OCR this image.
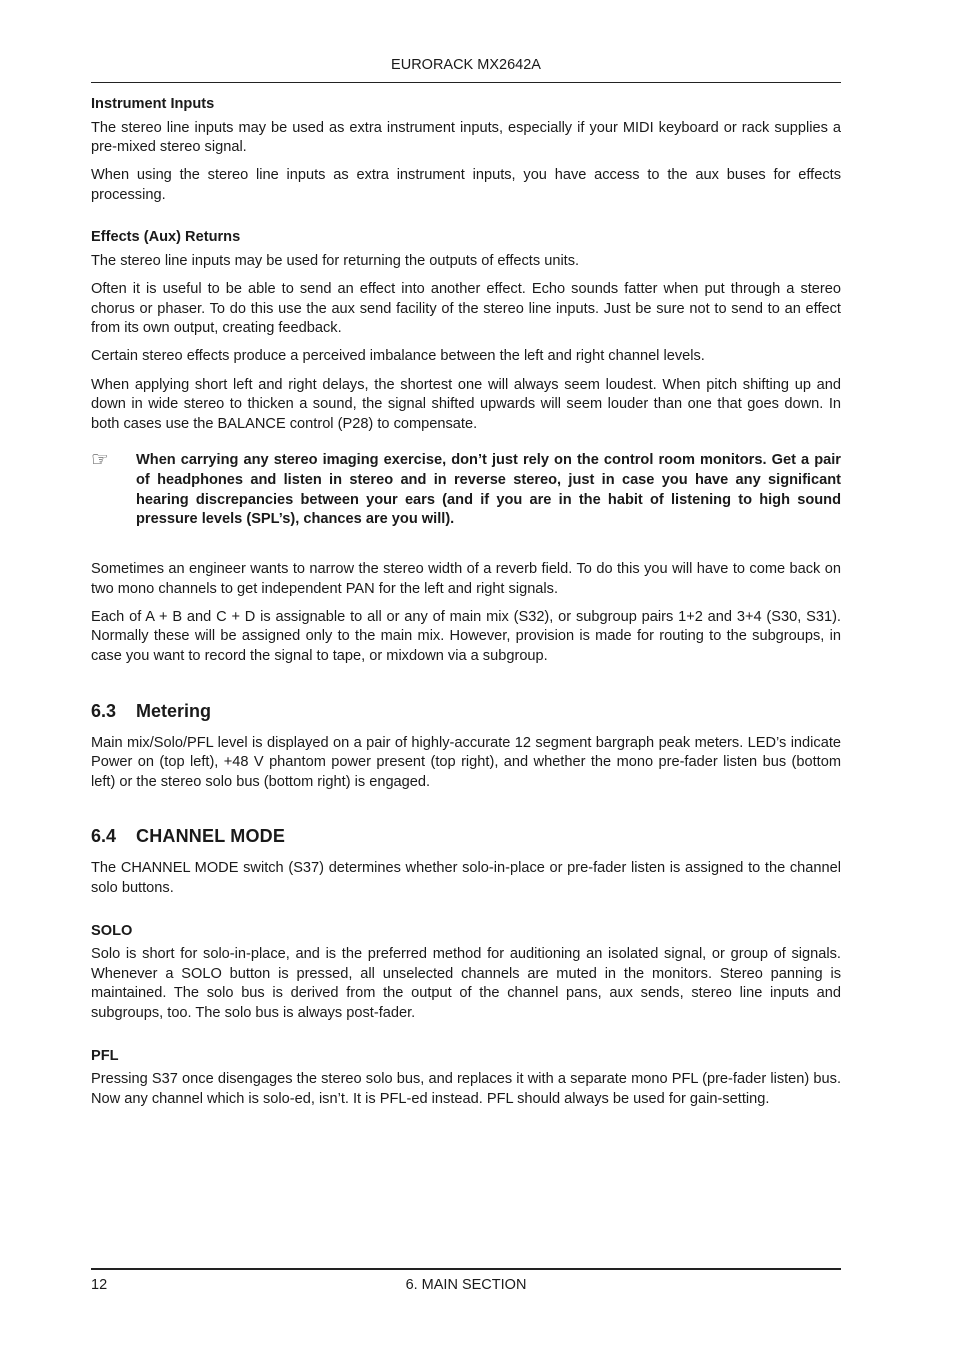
EURORACK MX2642A
Instrument Inputs

The stereo line inputs may be used as extra instrument inputs, especially if your MIDI keyboard or rack supplies a pre-mixed stereo signal.

When using the stereo line inputs as extra instrument inputs, you have access to the aux buses for effects processing.

Effects (Aux) Returns

The stereo line inputs may be used for returning the outputs of effects units.

Often it is useful to be able to send an effect into another effect. Echo sounds fatter when put through a stereo chorus or phaser. To do this use the aux send facility of the stereo line inputs. Just be sure not to send to an effect from its own output, creating feedback.

Certain stereo effects produce a perceived imbalance between the left and right channel levels.

When applying short left and right delays, the shortest one will always seem loudest. When pitch shifting up and down in wide stereo to thicken a sound, the signal shifted upwards will seem louder than one that goes down. In both cases use the BALANCE control (P28) to compensate.

☞	When carrying any stereo imaging exercise, don’t just rely on the control room monitors. Get a pair of headphones and listen in stereo and in reverse stereo, just in case you have any significant hearing discrepancies between your ears (and if you are in the habit of listening to high sound pressure levels (SPL’s), chances are you will).

Sometimes an engineer wants to narrow the stereo width of a reverb field. To do this you will have to come back on two mono channels to get independent PAN for the left and right signals.

Each of A + B and C + D is assignable to all or any of main mix (S32), or subgroup pairs 1+2 and 3+4 (S30, S31). Normally these will be assigned only to the main mix. However, provision is made for routing to the subgroups, in case you want to record the signal to tape, or mixdown via a subgroup.

6.3 Metering

Main mix/Solo/PFL level is displayed on a pair of highly-accurate 12 segment bargraph peak meters. LED’s indicate Power on (top left), +48 V phantom power present (top right), and whether the mono pre-fader listen bus (bottom left) or the stereo solo bus (bottom right) is engaged.

6.4 CHANNEL MODE

The CHANNEL MODE switch (S37) determines whether solo-in-place or pre-fader listen is assigned to the channel solo buttons.

SOLO

Solo is short for solo-in-place, and is the preferred method for auditioning an isolated signal, or group of signals. Whenever a SOLO button is pressed, all unselected channels are muted in the monitors. Stereo panning is maintained. The solo bus is derived from the output of the channel pans, aux sends, stereo line inputs and subgroups, too. The solo bus is always post-fader.

PFL

Pressing S37 once disengages the stereo solo bus, and replaces it with a separate mono PFL (pre-fader listen) bus. Now any channel which is solo-ed, isn’t. It is PFL-ed instead. PFL should always be used for gain-setting.

12	6. MAIN SECTION
